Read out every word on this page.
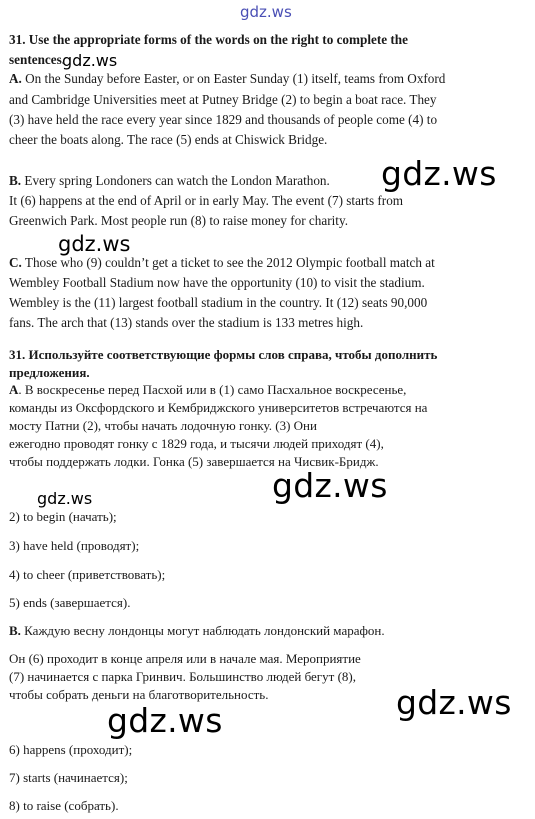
gdz.ws
gdz.ws
gdz.ws
gdz.ws
gdz.ws
gdz.ws
gdz.ws
gdz.ws

31. Use the appropriate forms of the words on the right to complete the

sentences.

A. On the Sunday before Easter, or on Easter Sunday (1) itself, teams from Oxford

and Cambridge Universities meet at Putney Bridge (2) to begin a boat race. They

(3) have held the race every year since 1829 and thousands of people come (4) to

cheer the boats along. The race (5) ends at Chiswick Bridge.

B. Every spring Londoners can watch the London Marathon.

It (6) happens at the end of April or in early May. The event (7) starts from

Greenwich Park. Most people run (8) to raise money for charity.

C. Those who (9) couldn’t get a ticket to see the 2012 Olympic football match at

Wembley Football Stadium now have the opportunity (10) to visit the stadium.

Wembley is the (11) largest football stadium in the country. It (12) seats 90,000

fans. The arch that (13) stands over the stadium is 133 metres high.

31. Используйте соответствующие формы слов справа, чтобы дополнить

предложения.

А. В воскресенье перед Пасхой или в (1) само Пасхальное воскресенье,

команды из Оксфордского и Кембриджского университетов встречаются на

мосту Патни (2), чтобы начать лодочную гонку. (3) Они

ежегодно проводят гонку с 1829 года, и тысячи людей приходят (4),

чтобы поддержать лодки. Гонка (5) завершается на Чисвик-Бридж.

2) to begin (начать);

3) have held (проводят);

4) to cheer (приветствовать);

5) ends (завершается).

В. Каждую весну лондонцы могут наблюдать лондонский марафон.

Он (6) проходит в конце апреля или в начале мая. Мероприятие

(7) начинается с парка Гринвич. Большинство людей бегут (8),

чтобы собрать деньги на благотворительность.

6) happens (проходит);

7) starts (начинается);

8) to raise (собрать).
